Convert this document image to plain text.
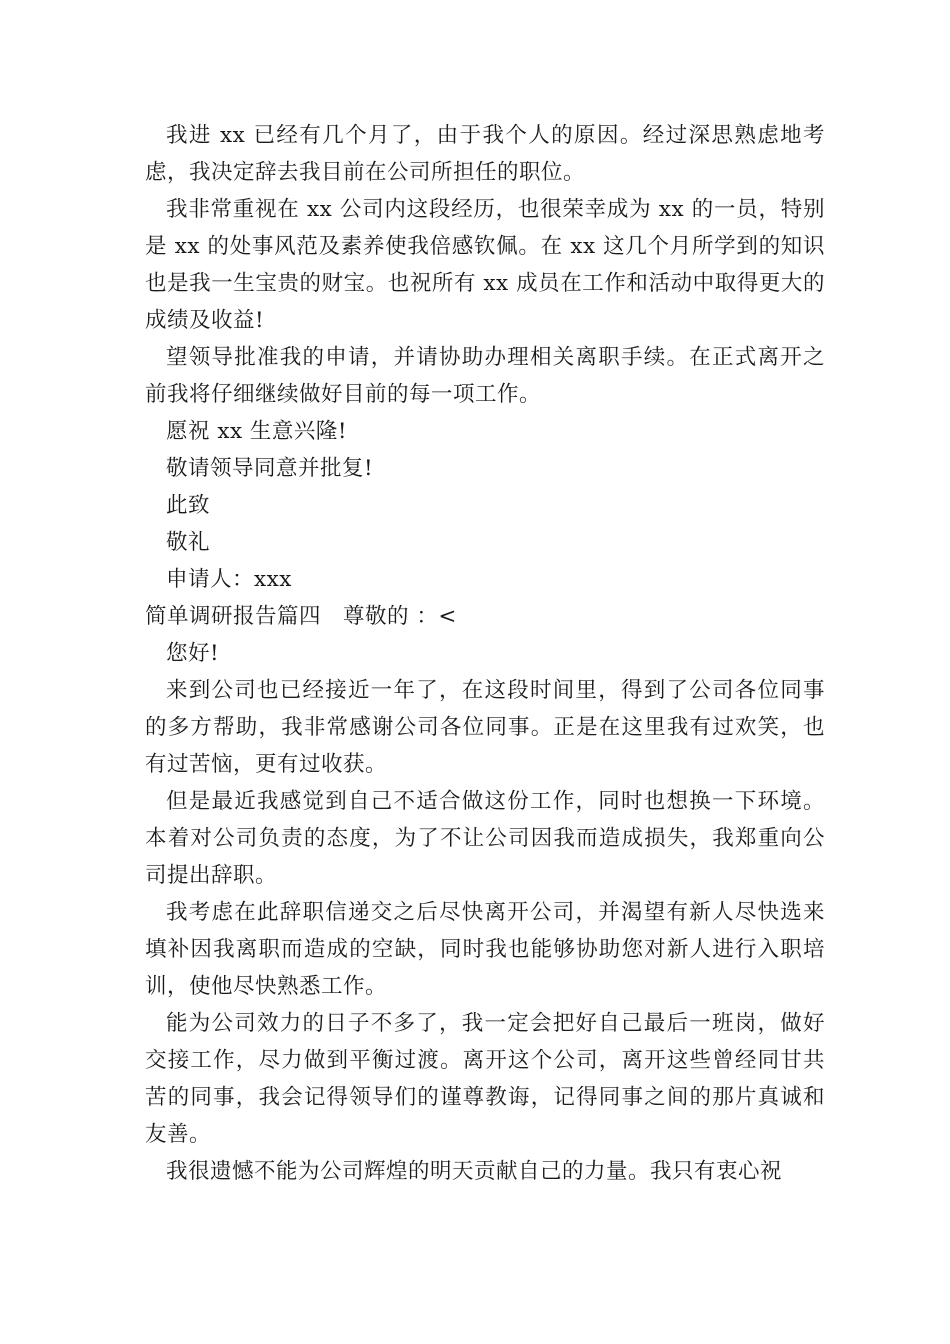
我进 xx 已经有几个月了，由于我个人的原因。经过深思熟虑地考虑，我决定辞去我目前在公司所担任的职位。

我非常重视在 xx 公司内这段经历，也很荣幸成为 xx 的一员，特别是 xx 的处事风范及素养使我倍感钦佩。在 xx 这几个月所学到的知识也是我一生宝贵的财宝。也祝所有 xx 成员在工作和活动中取得更大的成绩及收益!

望领导批准我的申请，并请协助办理相关离职手续。在正式离开之前我将仔细继续做好目前的每一项工作。

愿祝 xx 生意兴隆!

敬请领导同意并批复!

此致

敬礼

申请人：xxx

简单调研报告篇四　尊敬的 ：<

您好!

来到公司也已经接近一年了，在这段时间里，得到了公司各位同事的多方帮助，我非常感谢公司各位同事。正是在这里我有过欢笑，也有过苦恼，更有过收获。

但是最近我感觉到自己不适合做这份工作，同时也想换一下环境。本着对公司负责的态度，为了不让公司因我而造成损失，我郑重向公司提出辞职。

我考虑在此辞职信递交之后尽快离开公司，并渴望有新人尽快选来填补因我离职而造成的空缺，同时我也能够协助您对新人进行入职培训，使他尽快熟悉工作。

能为公司效力的日子不多了，我一定会把好自己最后一班岗，做好交接工作，尽力做到平衡过渡。离开这个公司，离开这些曾经同甘共苦的同事，我会记得领导们的谨尊教诲，记得同事之间的那片真诚和友善。

我很遗憾不能为公司辉煌的明天贡献自己的力量。我只有衷心祝
